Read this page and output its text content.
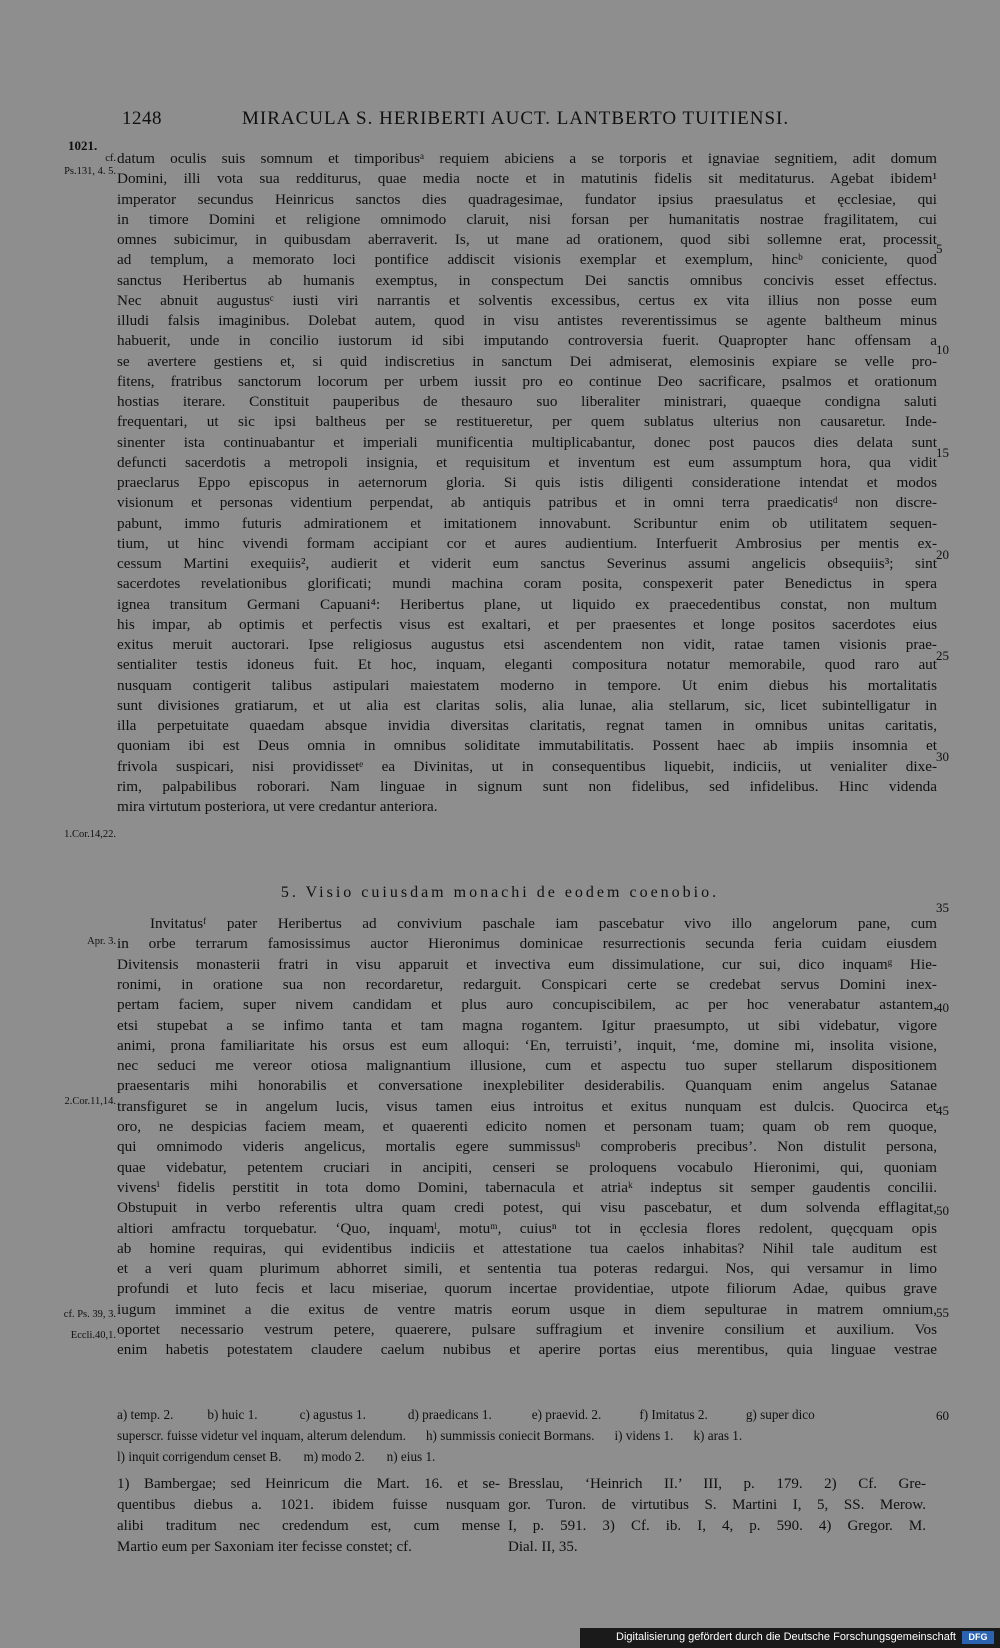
1248	MIRACULA S. HERIBERTI AUCT. LANTBERTO TUITIENSI.
1021.
cf.
Ps.131, 4. 5.
1.Cor.14,22.
Apr. 3.
2.Cor.11,14.
cf. Ps. 39, 3.
Eccli.40,1.
datum oculis suis somnum et timporibusᵃ requiem abiciens a se torporis et ignaviae segnitiem, adit domum
Domini, illi vota sua redditurus, quae media nocte et in matutinis fidelis sit meditaturus. Agebat ibidem¹
imperator secundus Heinricus sanctos dies quadragesimae, fundator ipsius praesulatus et ęcclesiae, qui
in timore Domini et religione omnimodo claruit, nisi forsan per humanitatis nostrae fragilitatem, cui
omnes subicimur, in quibusdam aberraverit. Is, ut mane ad orationem, quod sibi sollemne erat, processit
ad templum, a memorato loci pontifice addiscit visionis exemplar et exemplum, hincᵇ coniciente, quod
sanctus Heribertus ab humanis exemptus, in conspectum Dei sanctis omnibus concivis esset effectus.
Nec abnuit augustusᶜ iusti viri narrantis et solventis excessibus, certus ex vita illius non posse eum
illudi falsis imaginibus. Dolebat autem, quod in visu antistes reverentissimus se agente baltheum minus
habuerit, unde in concilio iustorum id sibi imputando controversia fuerit. Quapropter hanc offensam a
se avertere gestiens et, si quid indiscretius in sanctum Dei admiserat, elemosinis expiare se velle pro-
fitens, fratribus sanctorum locorum per urbem iussit pro eo continue Deo sacrificare, psalmos et orationum
hostias iterare. Constituit pauperibus de thesauro suo liberaliter ministrari, quaeque condigna saluti
frequentari, ut sic ipsi baltheus per se restitueretur, per quem sublatus ulterius non causaretur. Inde-
sinenter ista continuabantur et imperiali munificentia multiplicabantur, donec post paucos dies delata sunt
defuncti sacerdotis a metropoli insignia, et requisitum et inventum est eum assumptum hora, qua vidit
praeclarus Eppo episcopus in aeternorum gloria. Si quis istis diligenti consideratione intendat et modos
visionum et personas videntium perpendat, ab antiquis patribus et in omni terra praedicatisᵈ non discre-
pabunt, immo futuris admirationem et imitationem innovabunt. Scribuntur enim ob utilitatem sequen-
tium, ut hinc vivendi formam accipiant cor et aures audientium. Interfuerit Ambrosius per mentis ex-
cessum Martini exequiis², audierit et viderit eum sanctus Severinus assumi angelicis obsequiis³; sint
sacerdotes revelationibus glorificati; mundi machina coram posita, conspexerit pater Benedictus in spera
ignea transitum Germani Capuani⁴: Heribertus plane, ut liquido ex praecedentibus constat, non multum
his impar, ab optimis et perfectis visus est exaltari, et per praesentes et longe positos sacerdotes eius
exitus meruit auctorari. Ipse religiosus augustus etsi ascendentem non vidit, ratae tamen visionis prae-
sentialiter testis idoneus fuit. Et hoc, inquam, eleganti compositura notatur memorabile, quod raro aut
nusquam contigerit talibus astipulari maiestatem moderno in tempore. Ut enim diebus his mortalitatis
sunt divisiones gratiarum, et ut alia est claritas solis, alia lunae, alia stellarum, sic, licet subintelligatur in
illa perpetuitate quaedam absque invidia diversitas claritatis, regnat tamen in omnibus unitas caritatis,
quoniam ibi est Deus omnia in omnibus soliditate immutabilitatis. Possent haec ab impiis insomnia et
frivola suspicari, nisi providissetᵉ ea Divinitas, ut in consequentibus liquebit, indiciis, ut venialiter dixe-
rim, palpabilibus roborari. Nam linguae in signum sunt non fidelibus, sed infidelibus. Hinc videnda
mira virtutum posteriora, ut vere credantur anteriora.
5. Visio cuiusdam monachi de eodem coenobio.
Invitatusᶠ pater Heribertus ad convivium paschale iam pascebatur vivo illo angelorum pane, cum
in orbe terrarum famosissimus auctor Hieronimus dominicae resurrectionis secunda feria cuidam eiusdem
Divitensis monasterii fratri in visu apparuit et invectiva eum dissimulatione, cur sui, dico inquamᵍ Hie-
ronimi, in oratione sua non recordaretur, redarguit. Conspicari certe se credebat servus Domini inex-
pertam faciem, super nivem candidam et plus auro concupiscibilem, ac per hoc venerabatur astantem,
etsi stupebat a se infimo tanta et tam magna rogantem. Igitur praesumpto, ut sibi videbatur, vigore
animi, prona familiaritate his orsus est eum alloqui: ‘En, terruisti’, inquit, ‘me, domine mi, insolita visione,
nec seduci me vereor otiosa malignantium illusione, cum et aspectu tuo super stellarum dispositionem
praesentaris mihi honorabilis et conversatione inexplebiliter desiderabilis. Quanquam enim angelus Satanae
transfiguret se in angelum lucis, visus tamen eius introitus et exitus nunquam est dulcis. Quocirca et
oro, ne despicias faciem meam, et quaerenti edicito nomen et personam tuam; quam ob rem quoque,
qui omnimodo videris angelicus, mortalis egere summissusʰ comproberis precibus’. Non distulit persona,
quae videbatur, petentem cruciari in ancipiti, censeri se proloquens vocabulo Hieronimi, qui, quoniam
vivensⁱ fidelis perstitit in tota domo Domini, tabernacula et atriaᵏ indeptus sit semper gaudentis concilii.
Obstupuit in verbo referentis ultra quam credi potest, qui visu pascebatur, et dum solvenda efflagitat,
altiori amfractu torquebatur. ‘Quo, inquamˡ, motuᵐ, cuiusⁿ tot in ęcclesia flores redolent, quęcquam opis
ab homine requiras, qui evidentibus indiciis et attestatione tua caelos inhabitas? Nihil tale auditum est
et a veri quam plurimum abhorret simili, et sententia tua poteras redargui. Nos, qui versamur in limo
profundi et luto fecis et lacu miseriae, quorum incertae providentiae, utpote filiorum Adae, quibus grave
iugum imminet a die exitus de ventre matris eorum usque in diem sepulturae in matrem omnium,
oportet necessario vestrum petere, quaerere, pulsare suffragium et invenire consilium et auxilium. Vos
enim habetis potestatem claudere caelum nubibus et aperire portas eius merentibus, quia linguae vestrae
5
10
15
20
25
30
35
40
45
50
55
60
a) temp. 2.	b) huic 1.	c) agustus 1.	d) praedicans 1.	e) praevid. 2.	f) Imitatus 2.	g) super dico
superscr. fuisse videtur vel inquam, alterum delendum. h) summissis coniecit Bormans. i) videns 1. k) aras 1.
l) inquit corrigendum censet B. m) modo 2. n) eius 1.
1) Bambergae; sed Heinricum die Mart. 16. et se-
quentibus diebus a. 1021. ibidem fuisse nusquam
alibi traditum nec credendum est, cum mense
Martio eum per Saxoniam iter fecisse constet; cf.
Bresslau, ‘Heinrich II.’ III, p. 179. 2) Cf. Gre-
gor. Turon. de virtutibus S. Martini I, 5, SS. Merow.
I, p. 591. 3) Cf. ib. I, 4, p. 590. 4) Gregor. M.
Dial. II, 35.
Digitalisierung gefördert durch die Deutsche Forschungsgemeinschaft	DFG
